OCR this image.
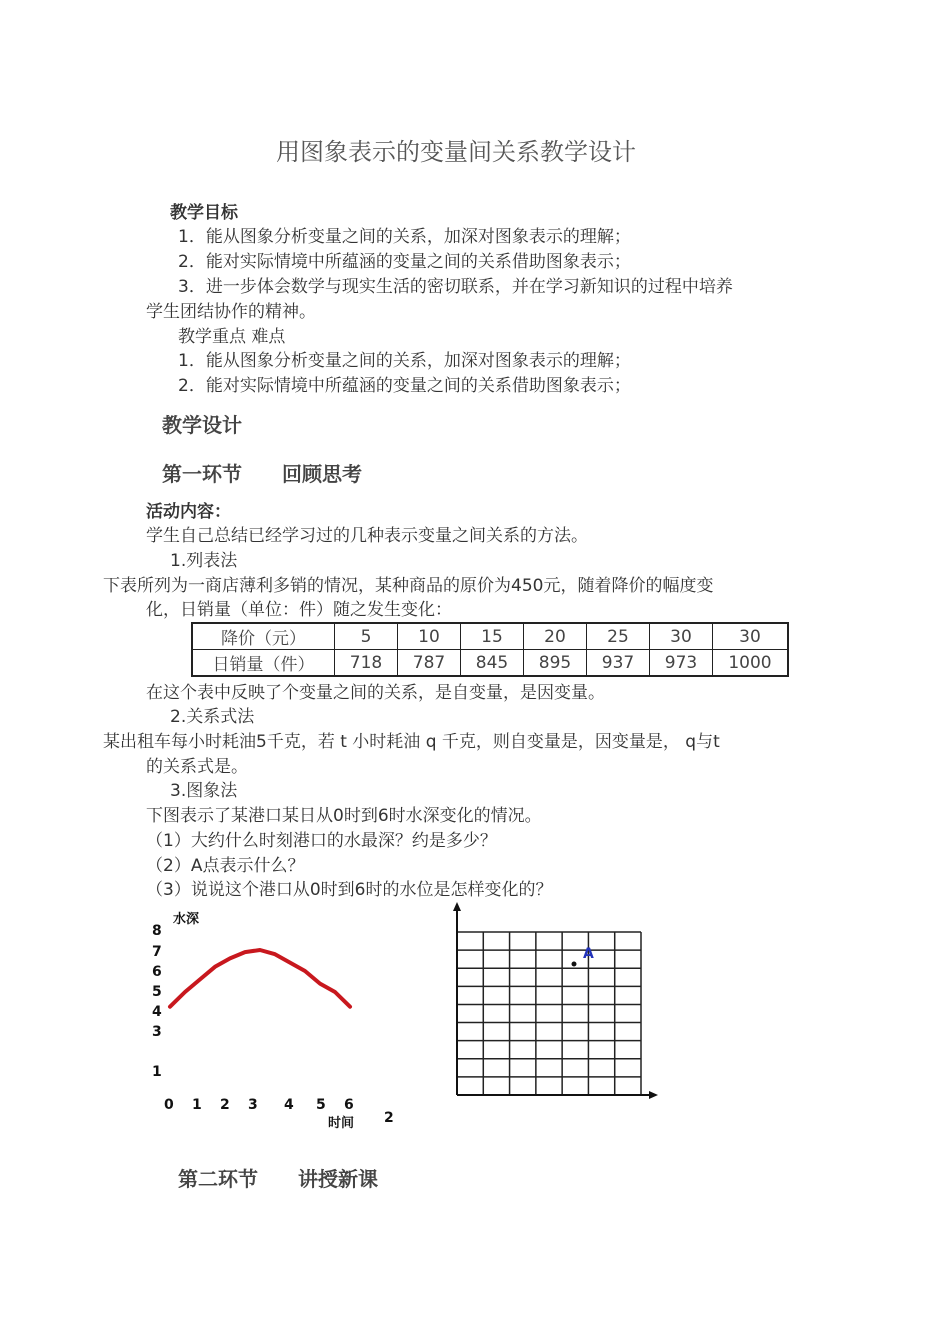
用图象表示的变量间关系教学设计
教学目标
1．能从图象分析变量之间的关系，加深对图象表示的理解；
2．能对实际情境中所蕴涵的变量之间的关系借助图象表示；
3．进一步体会数学与现实生活的密切联系，并在学习新知识的过程中培养
学生团结协作的精神。
教学重点 难点
1．能从图象分析变量之间的关系，加深对图象表示的理解；
2．能对实际情境中所蕴涵的变量之间的关系借助图象表示；
教学设计
第一环节　　回顾思考
活动内容：
学生自己总结已经学习过的几种表示变量之间关系的方法。
1.列表法
下表所列为一商店薄利多销的情况，某种商品的原价为450元，随着降价的幅度变
化，日销量（单位：件）随之发生变化：
降价（元）	5	10	15	20	25	30	30
日销量（件）	718	787	845	895	937	973	1000
在这个表中反映了个变量之间的关系，是自变量，是因变量。
2.关系式法
某出租车每小时耗油5千克，若 t 小时耗油 q 千克，则自变量是，因变量是， q与t
的关系式是。
3.图象法
下图表示了某港口某日从0时到6时水深变化的情况。
（1）大约什么时刻港口的水最深？约是多少？
（2）A点表示什么？
（3）说说这个港口从0时到6时的水位是怎样变化的？
水深
8
7
6
5
4
3
1
0 1 2 3 4 5 6
时间 2
A
第二环节　　讲授新课
